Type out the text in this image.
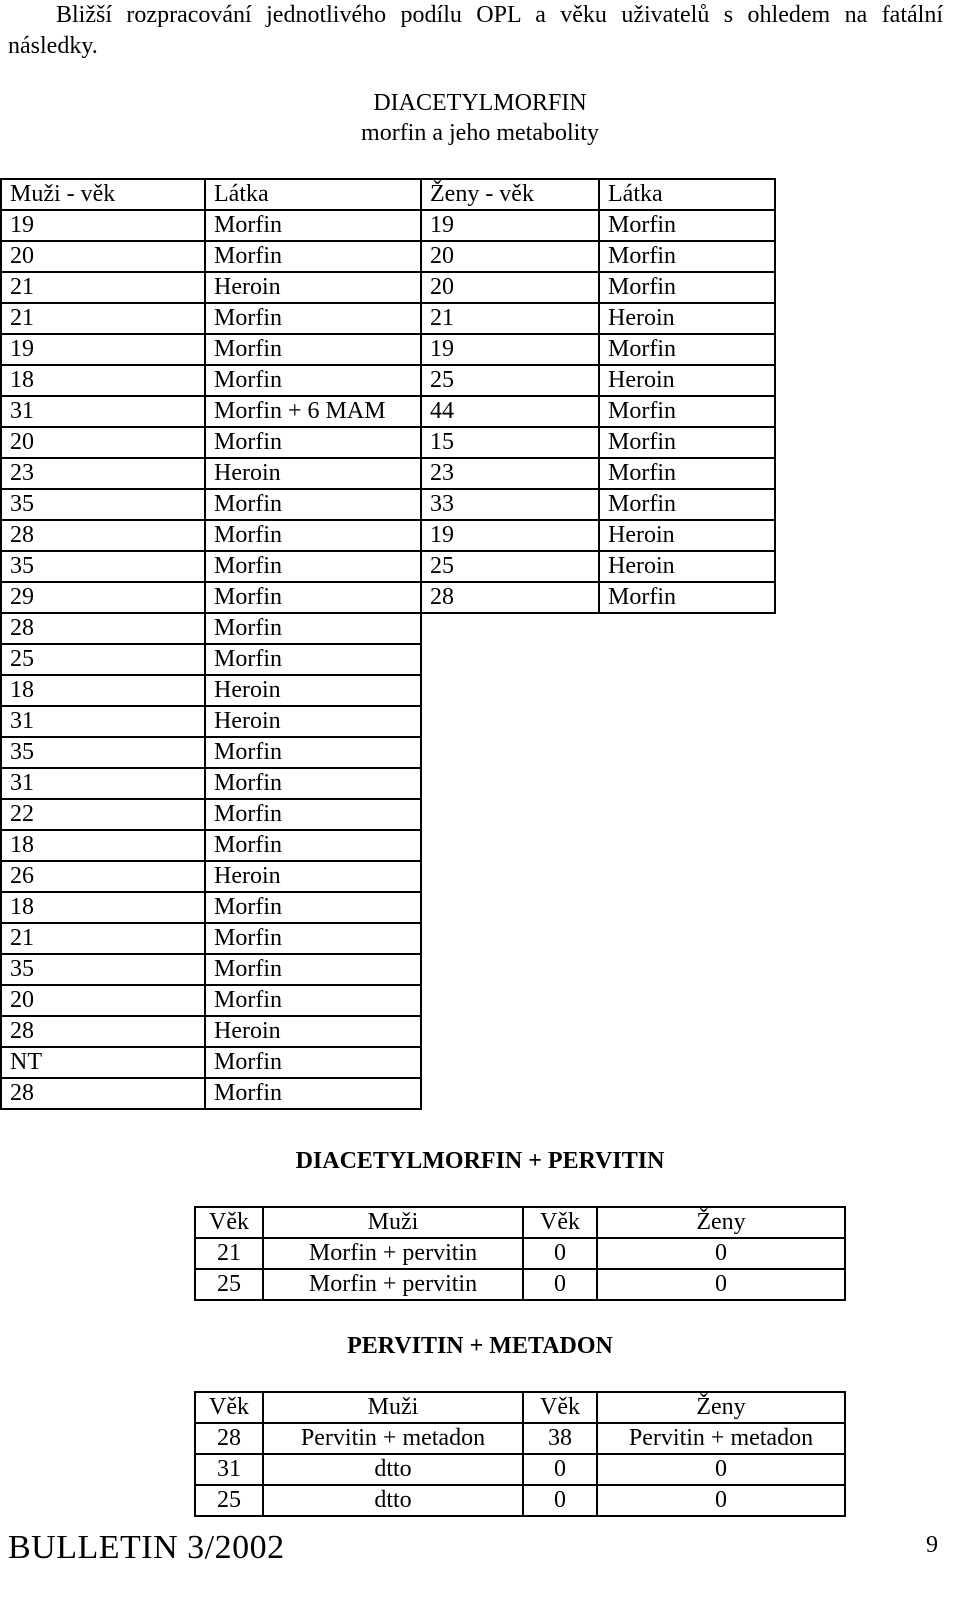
Bližší rozpracování jednotlivého podílu OPL a věku uživatelů s ohledem na fatální následky.
DIACETYLMORFIN
morfin a jeho metabolity
Muži - věk	Látka	Ženy - věk	Látka
19	Morfin	19	Morfin
20	Morfin	20	Morfin
21	Heroin	20	Morfin
21	Morfin	21	Heroin
19	Morfin	19	Morfin
18	Morfin	25	Heroin
31	Morfin + 6 MAM	44	Morfin
20	Morfin	15	Morfin
23	Heroin	23	Morfin
35	Morfin	33	Morfin
28	Morfin	19	Heroin
35	Morfin	25	Heroin
29	Morfin	28	Morfin
28	Morfin		
25	Morfin		
18	Heroin		
31	Heroin		
35	Morfin		
31	Morfin		
22	Morfin		
18	Morfin		
26	Heroin		
18	Morfin		
21	Morfin		
35	Morfin		
20	Morfin		
28	Heroin		
NT	Morfin		
28	Morfin		
DIACETYLMORFIN + PERVITIN
Věk	Muži	Věk	Ženy
21	Morfin + pervitin	0	0
25	Morfin + pervitin	0	0
PERVITIN + METADON
Věk	Muži	Věk	Ženy
28	Pervitin + metadon	38	Pervitin + metadon
31	dtto	0	0
25	dtto	0	0
BULLETIN 3/2002	9
